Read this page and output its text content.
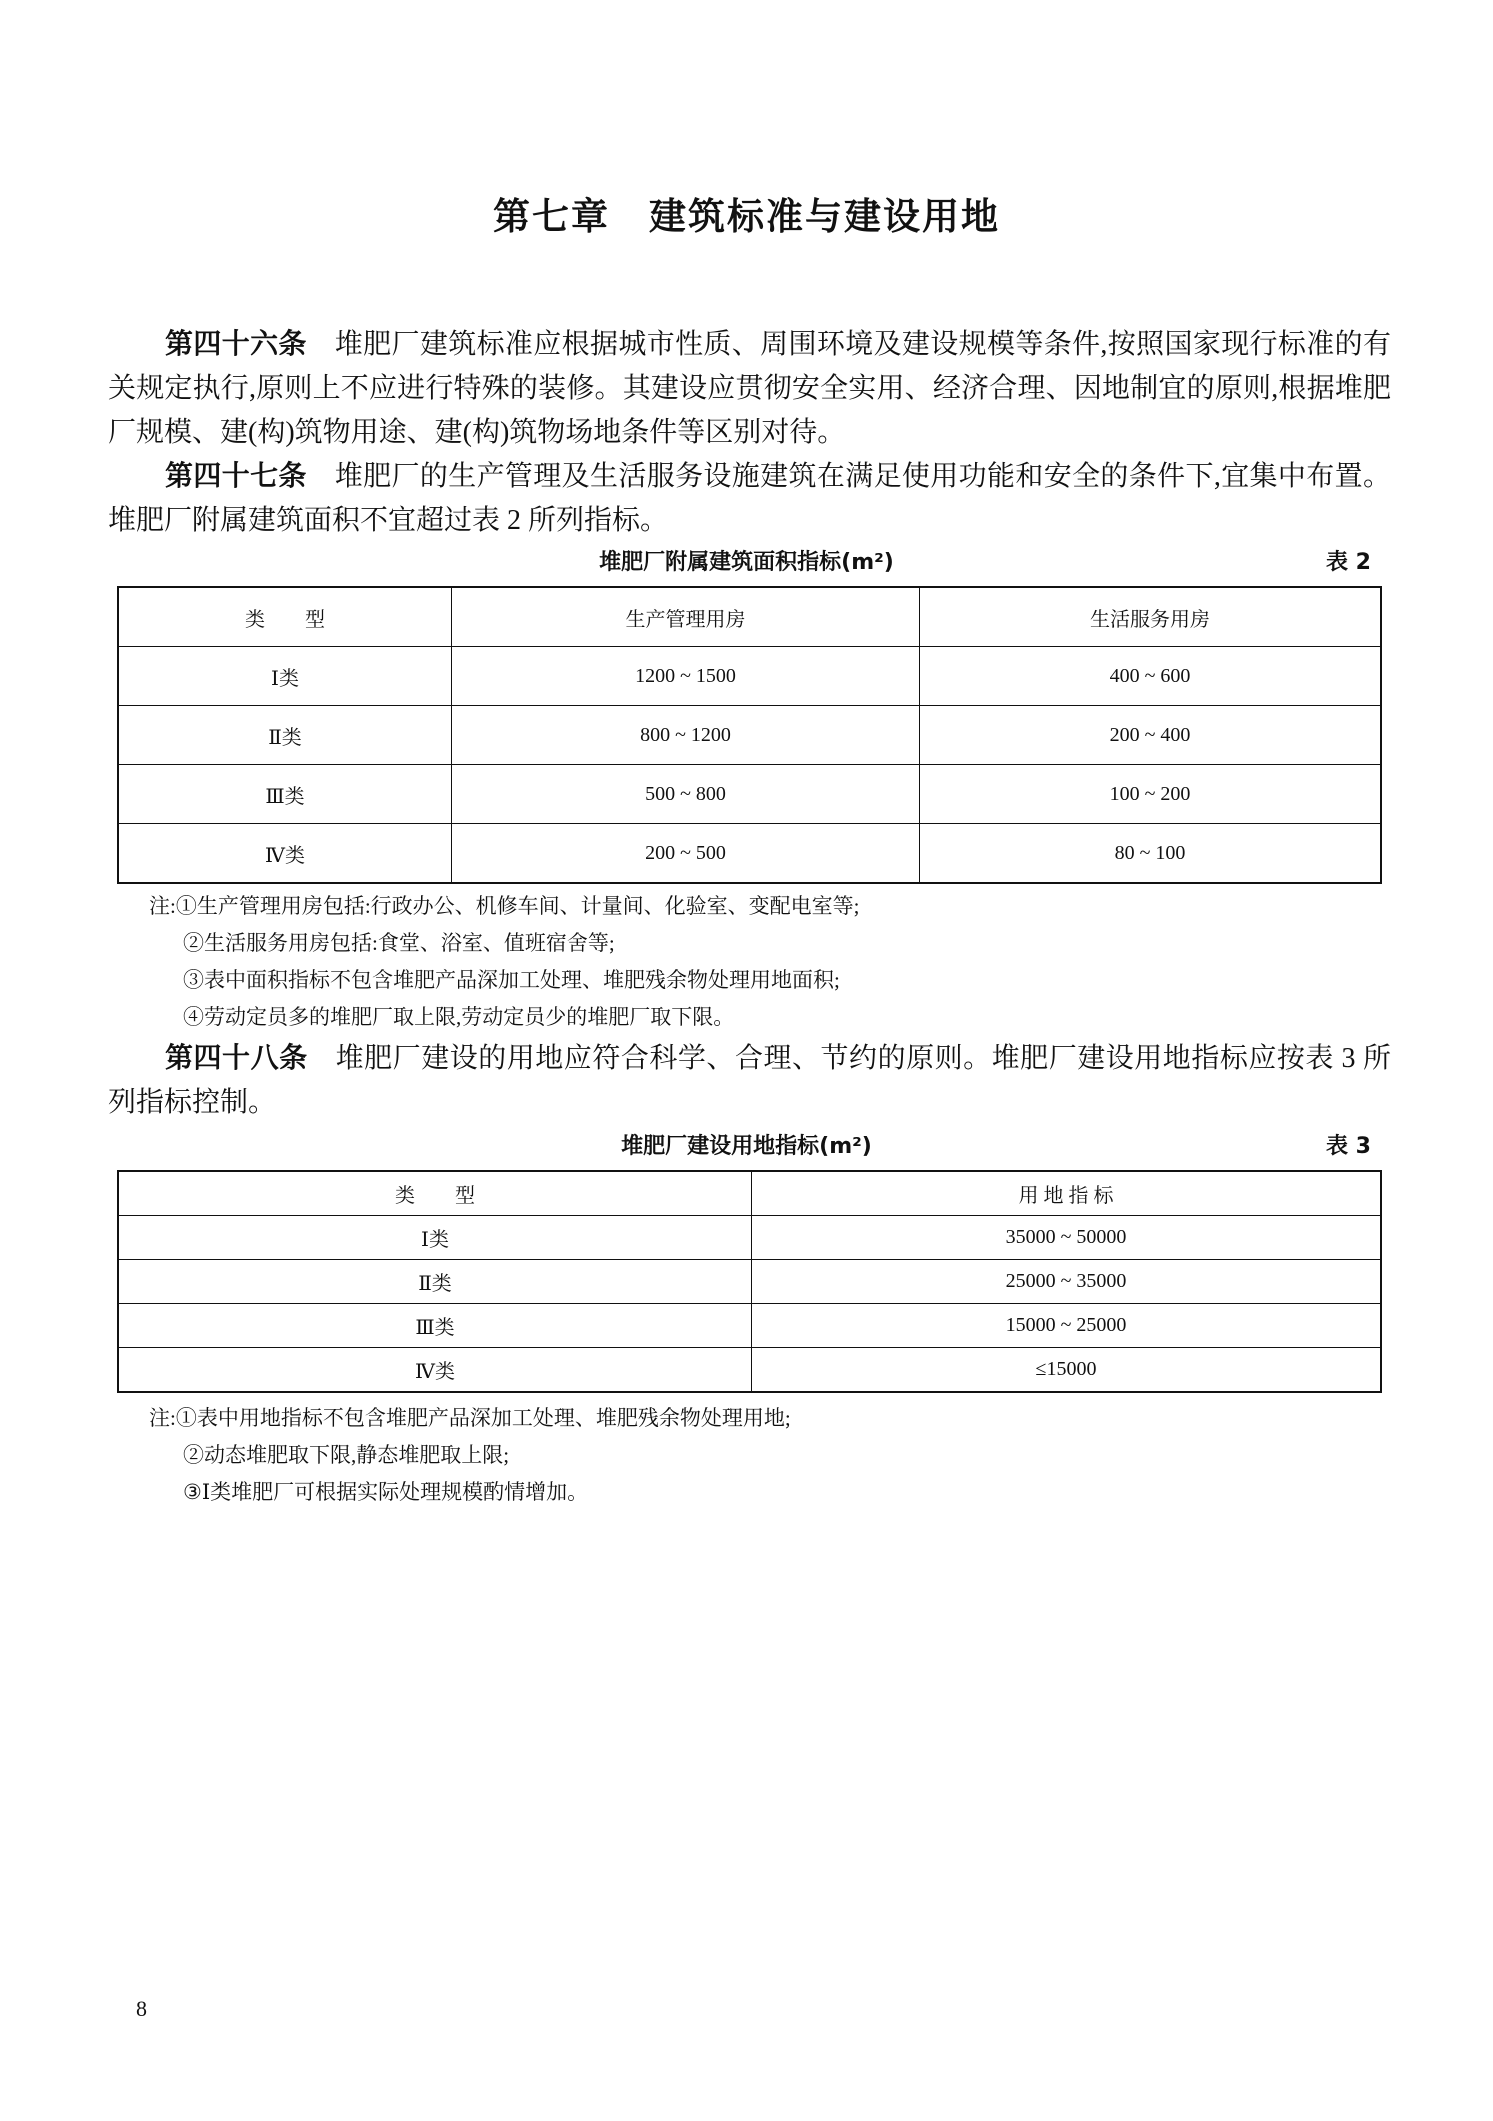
第七章　建筑标准与建设用地
第四十六条 堆肥厂建筑标准应根据城市性质、周围环境及建设规模等条件,按照国家现行标准的有关规定执行,原则上不应进行特殊的装修。其建设应贯彻安全实用、经济合理、因地制宜的原则,根据堆肥厂规模、建(构)筑物用途、建(构)筑物场地条件等区别对待。
第四十七条 堆肥厂的生产管理及生活服务设施建筑在满足使用功能和安全的条件下,宜集中布置。堆肥厂附属建筑面积不宜超过表 2 所列指标。
堆肥厂附属建筑面积指标(m²)	表 2
类　　型	生产管理用房	生活服务用房
Ⅰ类	1200 ~ 1500	400 ~ 600
Ⅱ类	800 ~ 1200	200 ~ 400
Ⅲ类	500 ~ 800	100 ~ 200
Ⅳ类	200 ~ 500	80 ~ 100
注:①生产管理用房包括:行政办公、机修车间、计量间、化验室、变配电室等;
②生活服务用房包括:食堂、浴室、值班宿舍等;
③表中面积指标不包含堆肥产品深加工处理、堆肥残余物处理用地面积;
④劳动定员多的堆肥厂取上限,劳动定员少的堆肥厂取下限。
第四十八条 堆肥厂建设的用地应符合科学、合理、节约的原则。堆肥厂建设用地指标应按表 3 所列指标控制。
堆肥厂建设用地指标(m²)	表 3
类　　型	用 地 指 标
Ⅰ类	35000 ~ 50000
Ⅱ类	25000 ~ 35000
Ⅲ类	15000 ~ 25000
Ⅳ类	≤15000
注:①表中用地指标不包含堆肥产品深加工处理、堆肥残余物处理用地;
②动态堆肥取下限,静态堆肥取上限;
③Ⅰ类堆肥厂可根据实际处理规模酌情增加。
8
